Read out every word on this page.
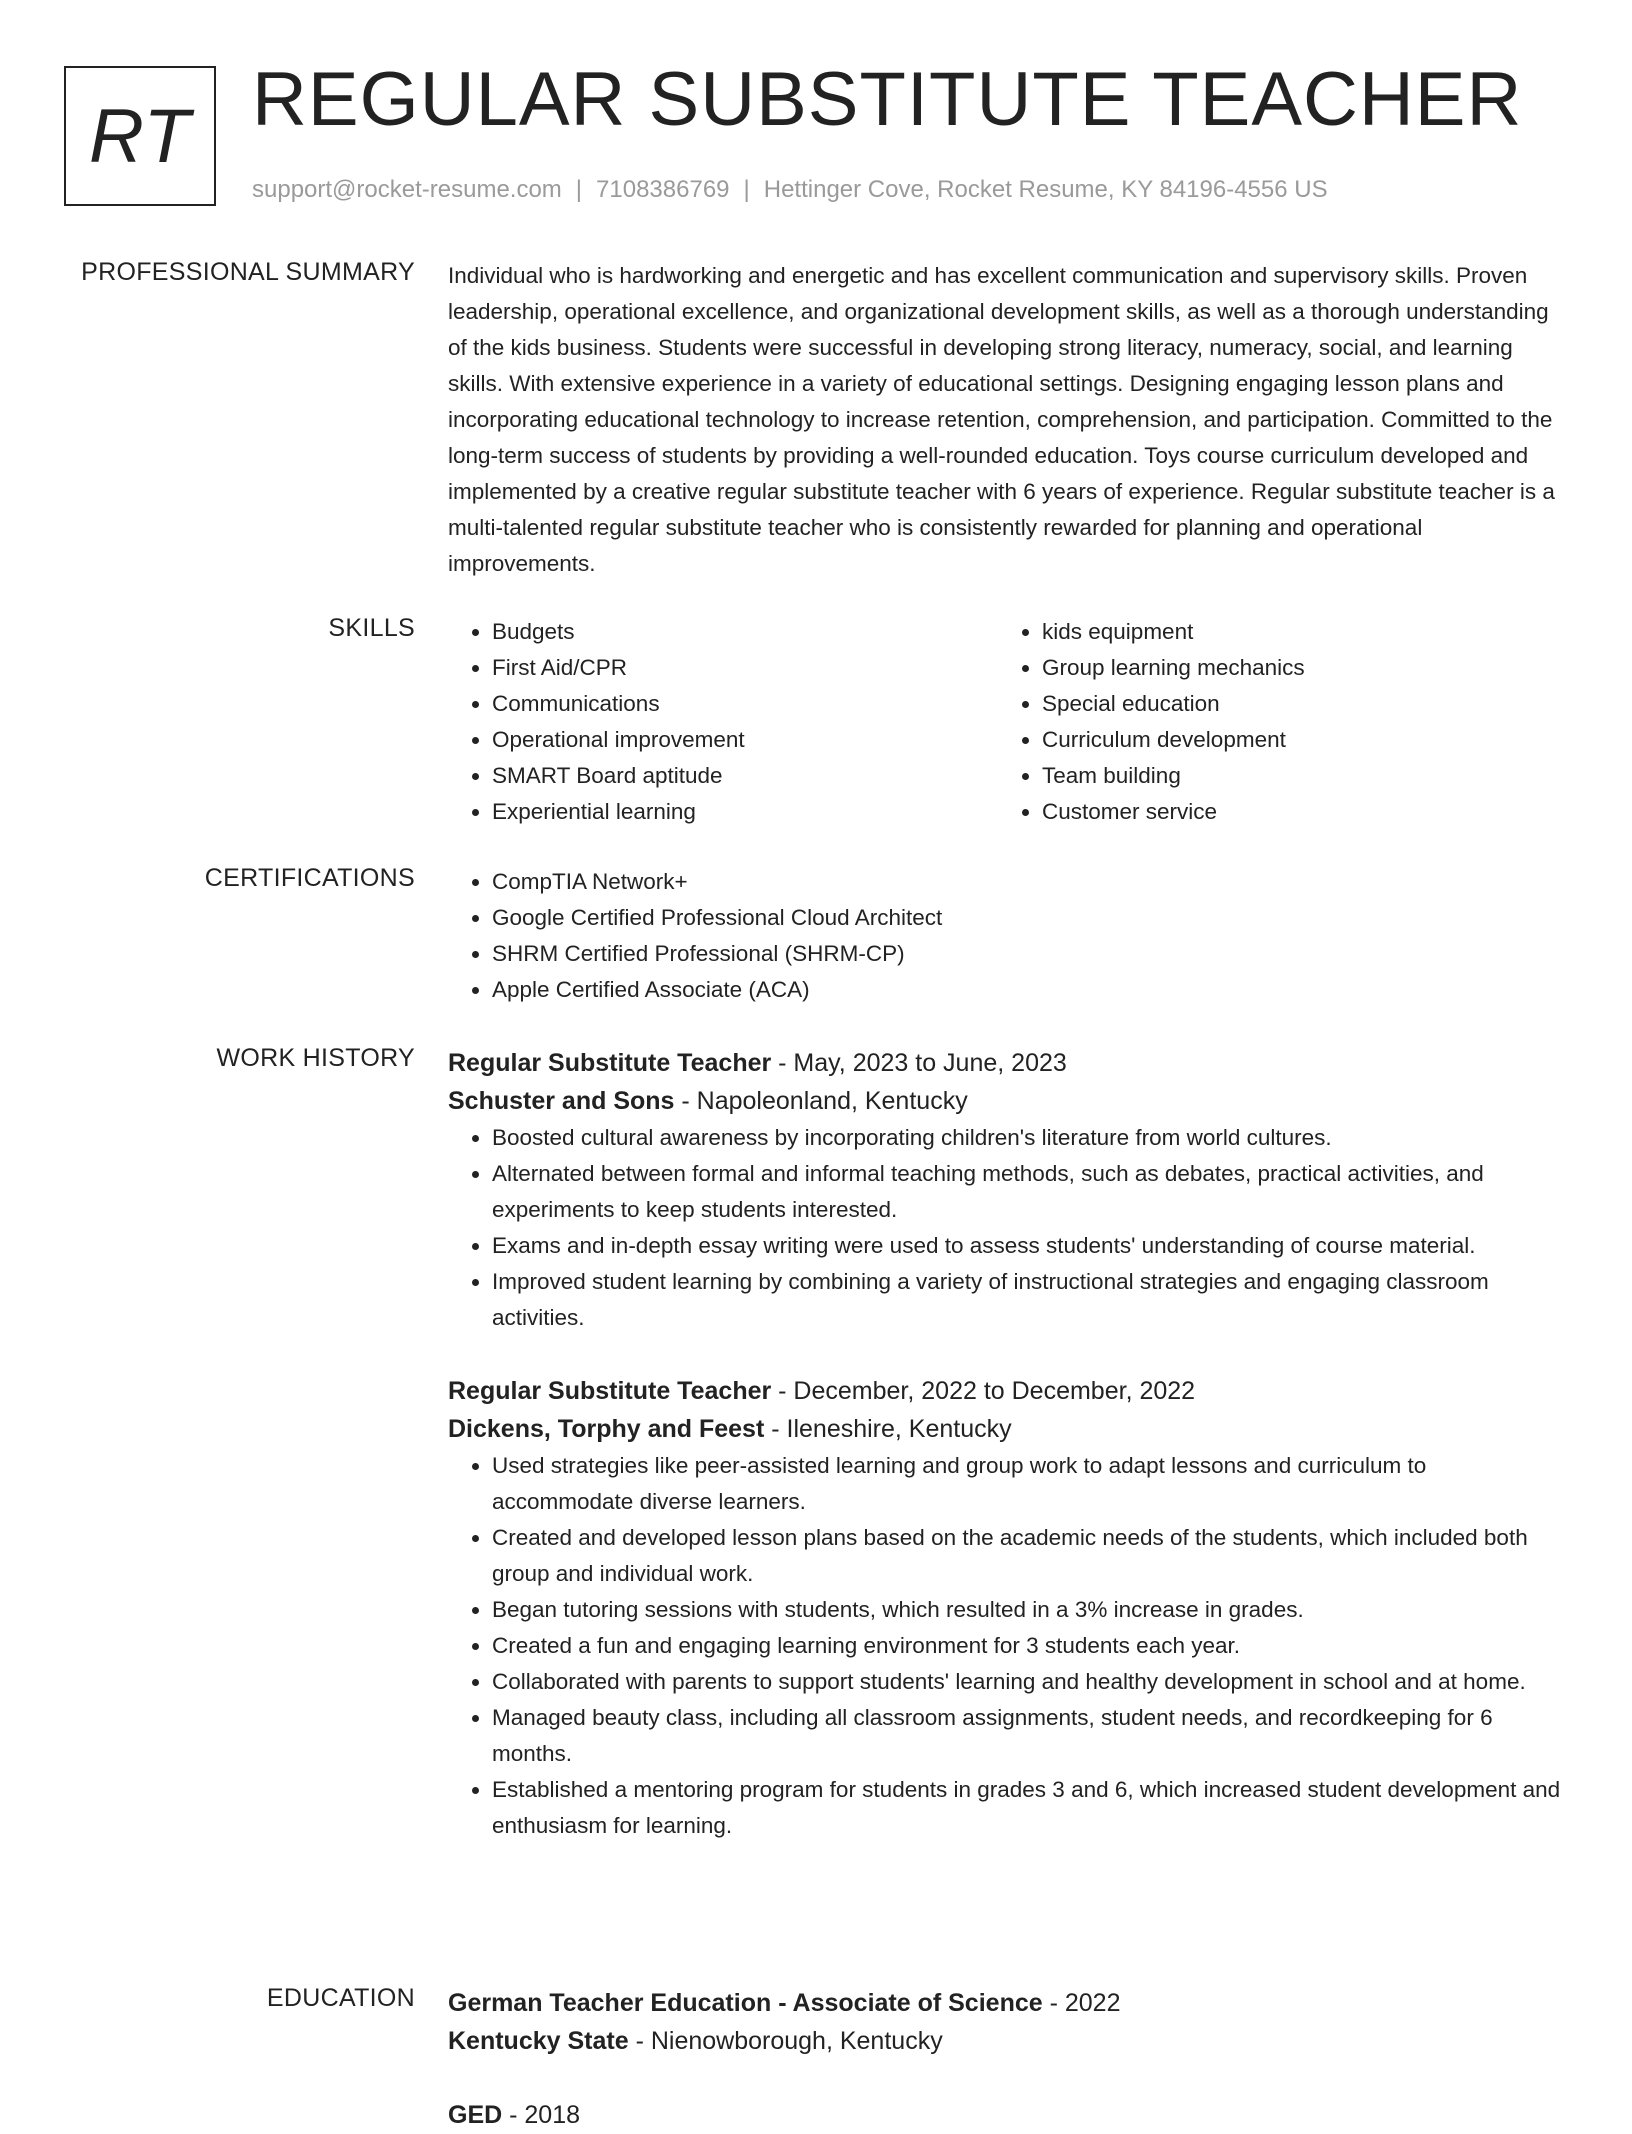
RT REGULAR SUBSTITUTE TEACHER
support@rocket-resume.com | 7108386769 | Hettinger Cove, Rocket Resume, KY 84196-4556 US
PROFESSIONAL SUMMARY Individual who is hardworking and energetic and has excellent communication and supervisory skills. Proven leadership, operational excellence, and organizational development skills, as well as a thorough understanding of the kids business. Students were successful in developing strong literacy, numeracy, social, and learning skills. With extensive experience in a variety of educational settings. Designing engaging lesson plans and incorporating educational technology to increase retention, comprehension, and participation. Committed to the long-term success of students by providing a well-rounded education. Toys course curriculum developed and implemented by a creative regular substitute teacher with 6 years of experience. Regular substitute teacher is a multi-talented regular substitute teacher who is consistently rewarded for planning and operational improvements.

SKILLS	• Budgets
• First Aid/CPR
• Communications
• Operational improvement
• SMART Board aptitude
• Experiential learning
• kids equipment
• Group learning mechanics
• Special education
• Curriculum development
• Team building
• Customer service
CERTIFICATIONS	• CompTIA Network+
• Google Certified Professional Cloud Architect
• SHRM Certified Professional (SHRM-CP)
• Apple Certified Associate (ACA)
WORK HISTORY Regular Substitute Teacher - May, 2023 to June, 2023
Schuster and Sons - Napoleonland, Kentucky
• Boosted cultural awareness by incorporating children's literature from world cultures.
• Alternated between formal and informal teaching methods, such as debates, practical activities, and experiments to keep students interested.
• Exams and in-depth essay writing were used to assess students' understanding of course material.
• Improved student learning by combining a variety of instructional strategies and engaging classroom activities.
Regular Substitute Teacher - December, 2022 to December, 2022
Dickens, Torphy and Feest - Ileneshire, Kentucky
• Used strategies like peer-assisted learning and group work to adapt lessons and curriculum to accommodate diverse learners.
• Created and developed lesson plans based on the academic needs of the students, which included both group and individual work.
• Began tutoring sessions with students, which resulted in a 3% increase in grades.
• Created a fun and engaging learning environment for 3 students each year.
• Collaborated with parents to support students' learning and healthy development in school and at home.
• Managed beauty class, including all classroom assignments, student needs, and recordkeeping for 6 months.
• Established a mentoring program for students in grades 3 and 6, which increased student development and enthusiasm for learning.
EDUCATION German Teacher Education - Associate of Science - 2022
Kentucky State - Nienowborough, Kentucky
GED - 2018
